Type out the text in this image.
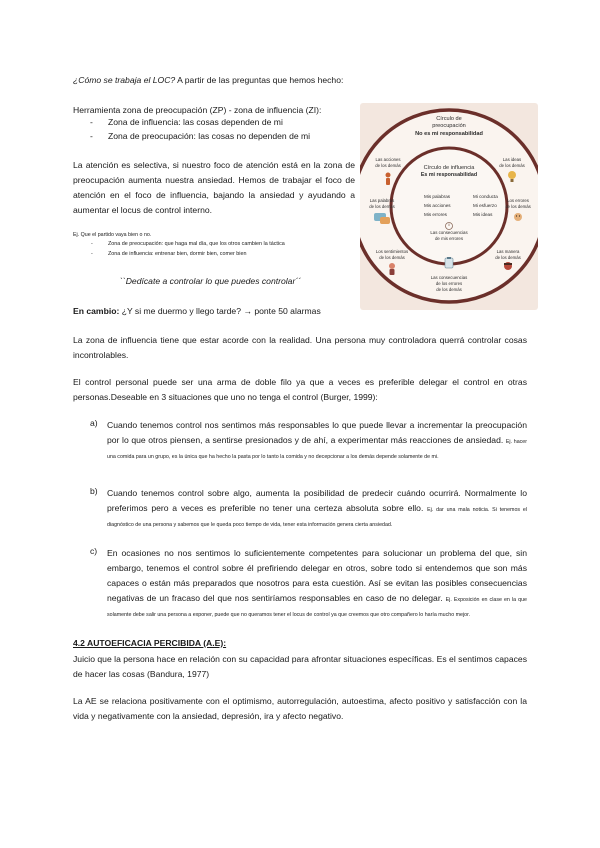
¿Cómo se trabaja el LOC? A partir de las preguntas que hemos hecho:
Herramienta zona de preocupación (ZP) - zona de influencia (ZI):
- Zona de influencia: las cosas dependen de mi
- Zona de preocupación: las cosas no dependen de mi
La atención es selectiva, si nuestro foco de atención está en la zona de preocupación aumenta nuestra ansiedad. Hemos de trabajar el foco de atención en el foco de influencia, bajando la ansiedad y ayudando a aumentar el locus de control interno.
Ej. Que el partido vaya bien o no.
-	Zona de preocupación: que haga mal día, que los otros cambien la táctica
-	Zona de influencia: entrenar bien, dormir bien, comer bien
``Dedícate a controlar lo que puedes controlar´´
En cambio: ¿Y si me duermo y llego tarde? → ponte 50 alarmas
La zona de influencia tiene que estar acorde con la realidad. Una persona muy controladora querrá controlar cosas incontrolables.
El control personal puede ser una arma de doble filo ya que a veces es preferible delegar el control en otras personas.Deseable en 3 situaciones que uno no tenga el control (Burger, 1999):
a) Cuando tenemos control nos sentimos más responsables lo que puede llevar a incrementar la preocupación por lo que otros piensen, a sentirse presionados y de ahí, a experimentar más reacciones de ansiedad. Ej. hacer una comida para un grupo, es la única que ha hecho la pasta por lo tanto la comida y no decepcionar a los demás depende solamente de mi.
b) Cuando tenemos control sobre algo, aumenta la posibilidad de predecir cuándo ocurrirá. Normalmente lo preferimos pero a veces es preferible no tener una certeza absoluta sobre ello. Ej. dar una mala noticia. Si tenemos el diagnóstico de una persona y sabemos que le queda poco tiempo de vida, tener esta información genera cierta ansiedad.
c) En ocasiones no nos sentimos lo suficientemente competentes para solucionar un problema del que, sin embargo, tenemos el control sobre él prefiriendo delegar en otros, sobre todo si entendemos que son más capaces o están más preparados que nosotros para esta cuestión. Así se evitan las posibles consecuencias negativas de un fracaso del que nos sentiríamos responsables en caso de no delegar. Ej. Exposición en clase en la que solamente debe salir una persona a exponer, puede que no queramos tener el locus de control ya que creemos que otro compañero lo haría mucho mejor.
4.2 AUTOEFICACIA PERCIBIDA (A.E):
Juicio que la persona hace en relación con su capacidad para afrontar situaciones específicas. Es el sentimos capaces de hacer las cosas (Bandura, 1977)
La AE se relaciona positivamente con el optimismo, autorregulación, autoestima, afecto positivo y satisfacción con la vida y negativamente con la ansiedad, depresión, ira y afecto negativo.
Círculo de
preocupación
No es mi responsabilidad
Círculo de influencia
Es mi responsabilidad
Mis palabras	Mi conducta
Mis acciones	Mi esfuerzo
Mis errores	Mis ideas
Las consecuencias
de mis errores
Las acciones
de los demás
Las ideas
de los demás
Las palabras
de los demás
Los errores
de los demás
Los sentimientos
de los demás
Las manera
de los demás
Las consecuencias
de los errores
de los demás
